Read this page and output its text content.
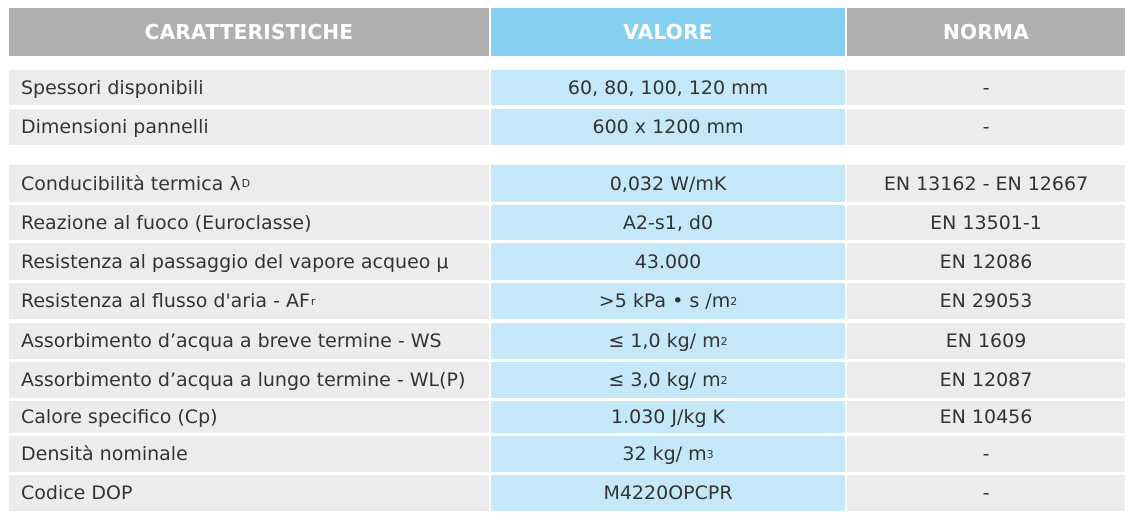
CARATTERISTICHE	VALORE	NORMA
Spessori disponibili	60, 80, 100, 120 mm	-
Dimensioni pannelli	600 x 1200 mm	-
Conducibilità termica λ D	0,032 W/mK	EN 13162 - EN 12667
Reazione al fuoco (Euroclasse)	A2-s1, d0	EN 13501-1
Resistenza al passaggio del vapore acqueo μ	43.000	EN 12086
Resistenza al flusso d'aria - AF r	>5 kPa • s /m 2	EN 29053
Assorbimento d’acqua a breve termine - WS	≤ 1,0 kg/ m 2	EN 1609
Assorbimento d’acqua a lungo termine - WL(P)	≤ 3,0 kg/ m 2	EN 12087
Calore specifico (Cp)	1.030 J/kg K	EN 10456
Densità nominale	32 kg/ m 3	-
Codice DOP	M4220OPCPR	-
